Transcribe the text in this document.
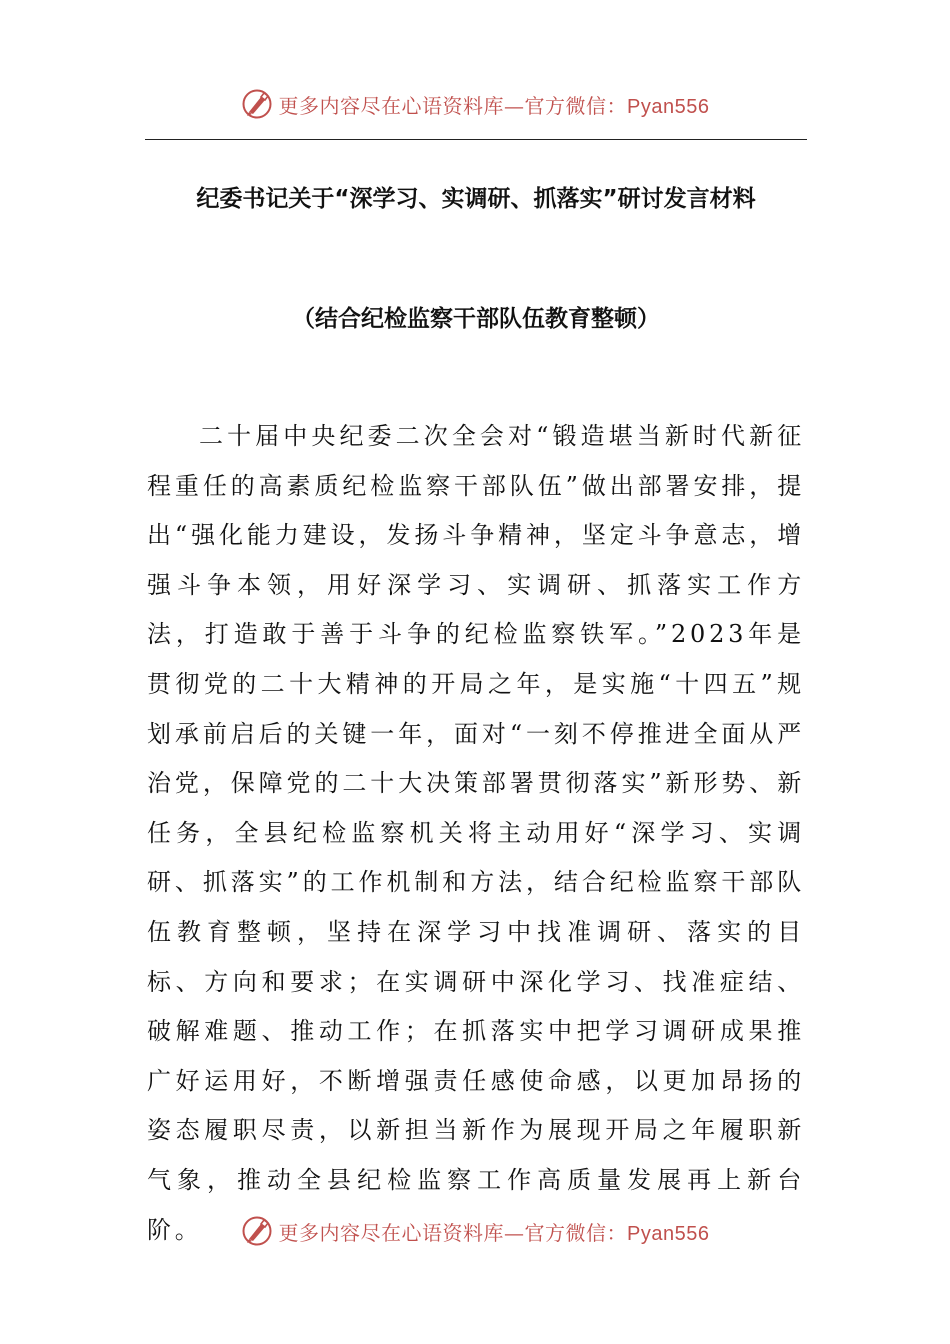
更多内容尽在心语资料库—官方微信：Pyan556
纪委书记关于“深学习、实调研、抓落实”研讨发言材料
（结合纪检监察干部队伍教育整顿）

二十届中央纪委二次全会对“锻造堪当新时代新征程重任的高素质纪检监察干部队伍”做出部署安排，提出“强化能力建设，发扬斗争精神，坚定斗争意志，增强斗争本领，用好深学习、实调研、抓落实工作方法，打造敢于善于斗争的纪检监察铁军。”2023年是贯彻党的二十大精神的开局之年，是实施“十四五”规划承前启后的关键一年，面对“一刻不停推进全面从严治党，保障党的二十大决策部署贯彻落实”新形势、新任务，全县纪检监察机关将主动用好“深学习、实调研、抓落实”的工作机制和方法，结合纪检监察干部队伍教育整顿，坚持在深学习中找准调研、落实的目标、方向和要求；在实调研中深化学习、找准症结、破解难题、推动工作；在抓落实中把学习调研成果推广好运用好，不断增强责任感使命感，以更加昂扬的姿态履职尽责，以新担当新作为展现开局之年履职新气象，推动全县纪检监察工作高质量发展再上新台阶。	更多内容尽在心语资料库—官方微信：Pyan556
